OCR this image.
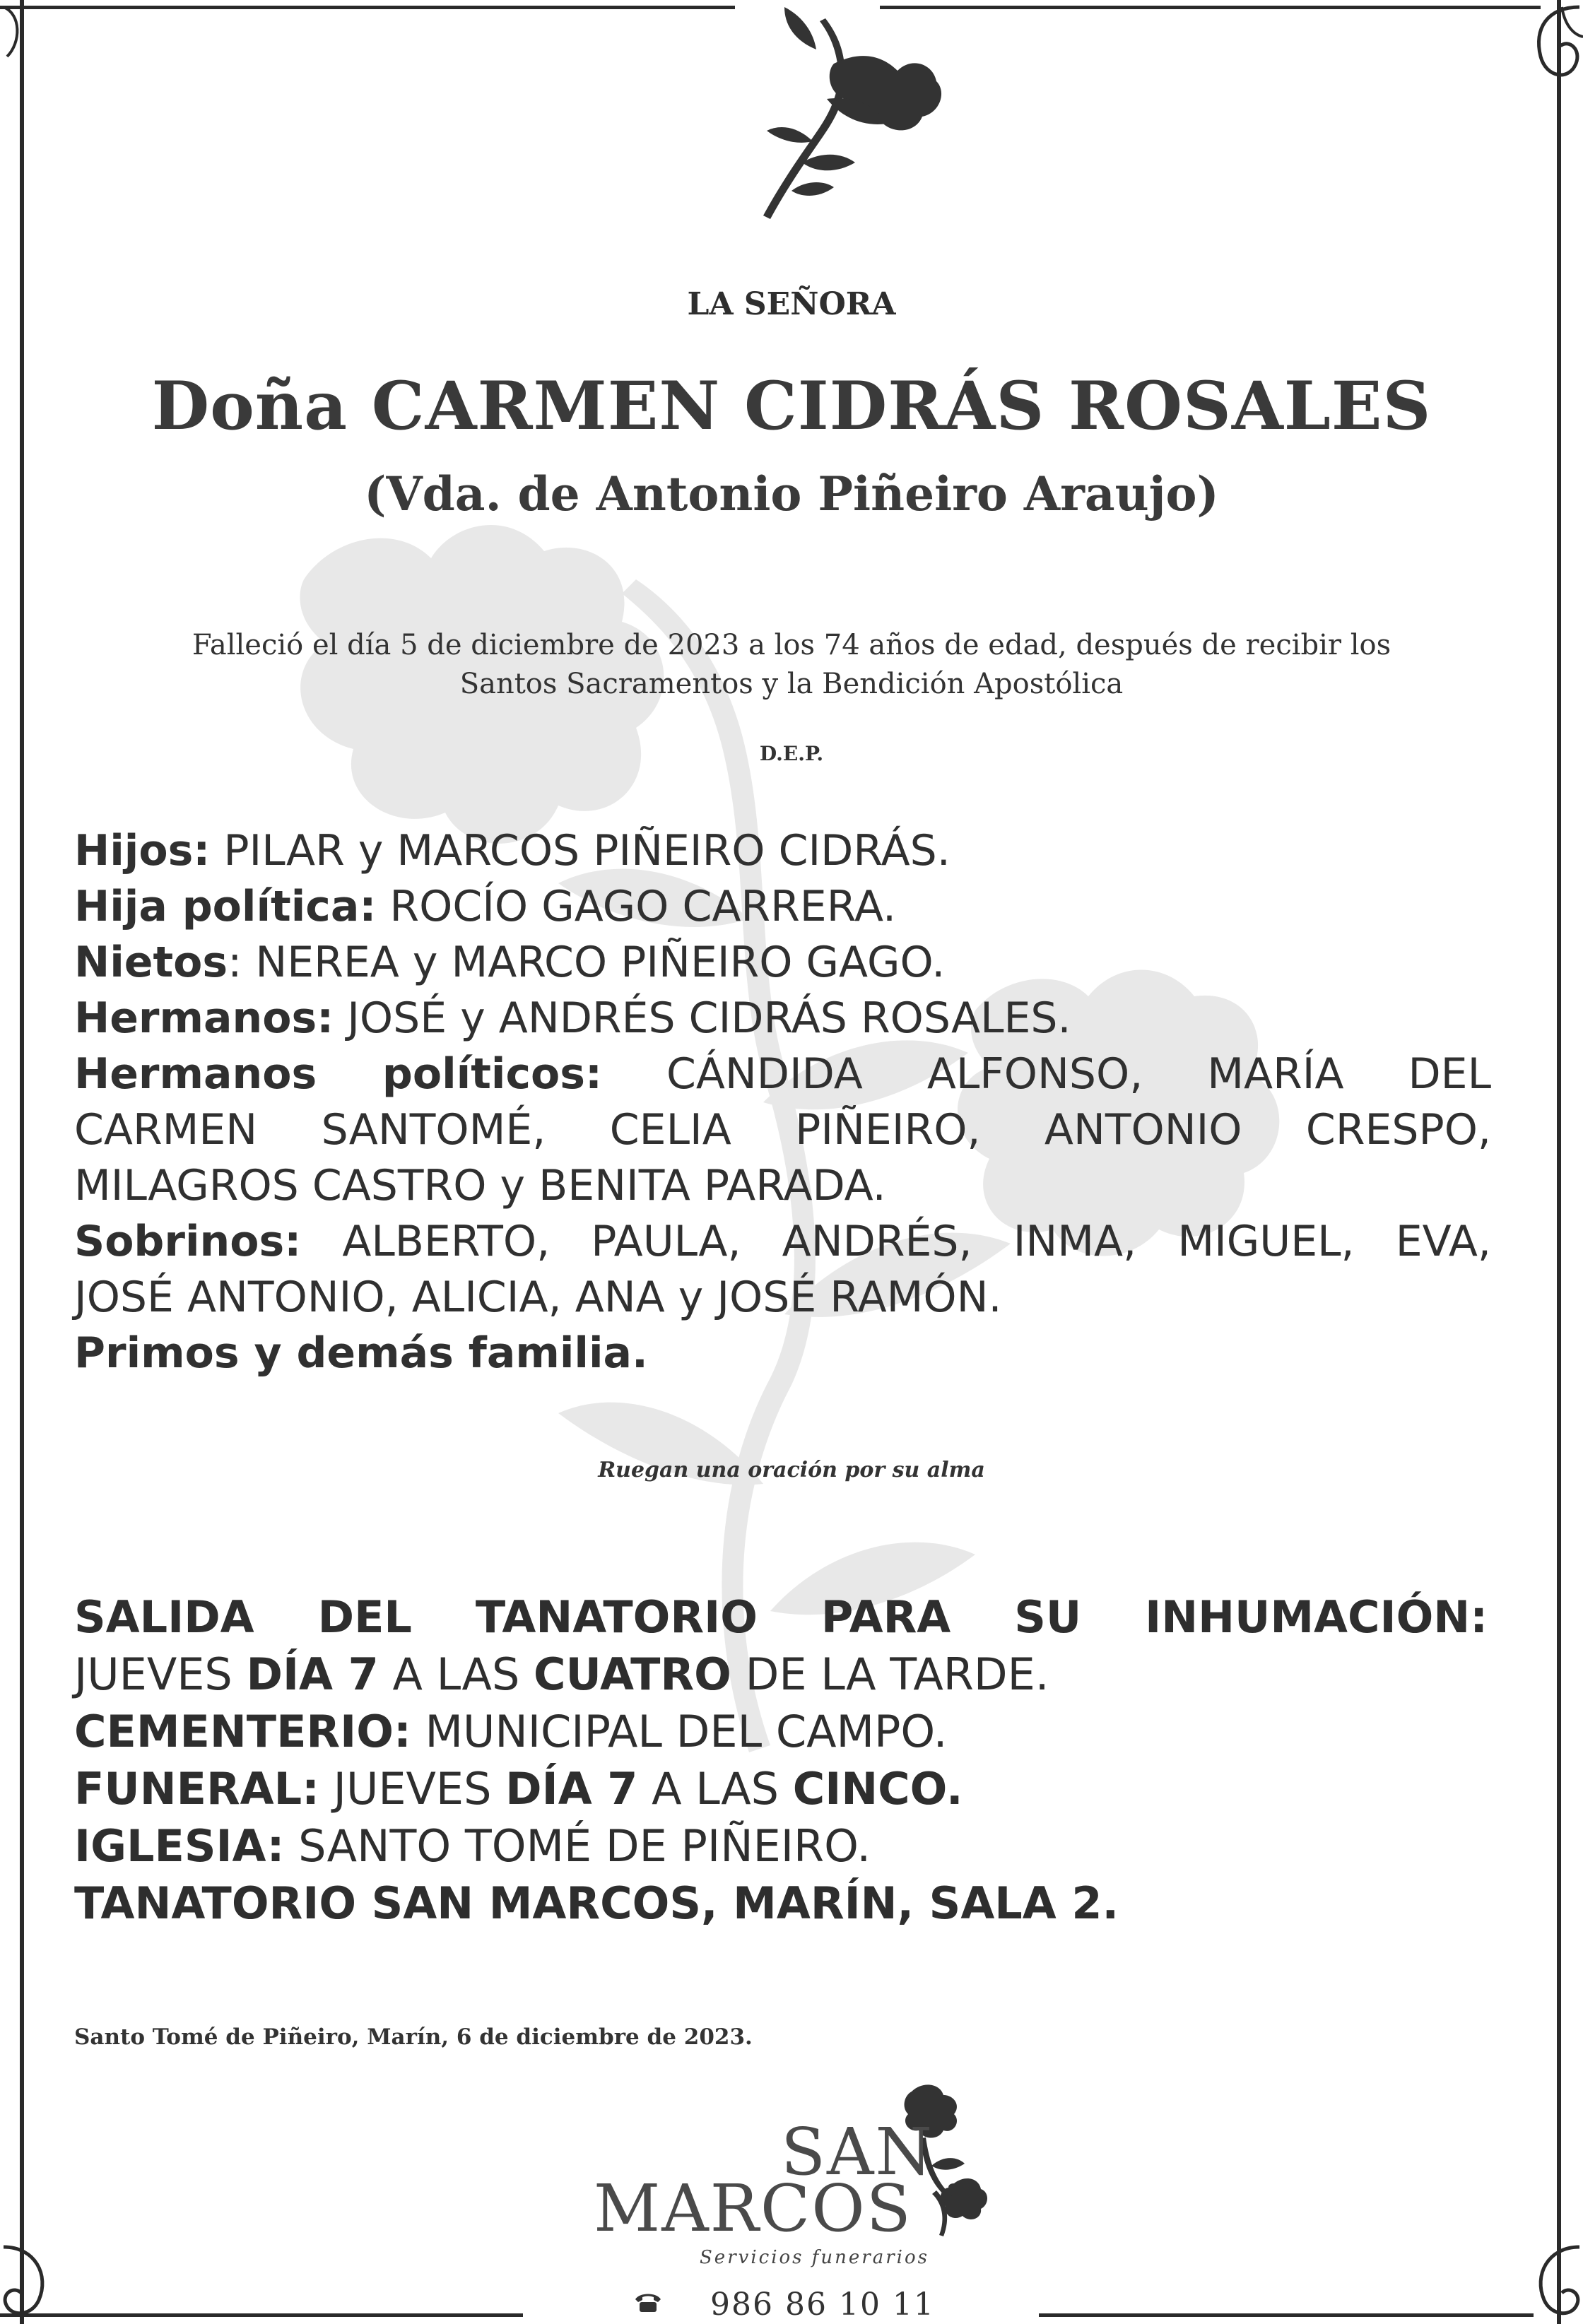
LA SEÑORA
Doña CARMEN CIDRÁS ROSALES
(Vda. de Antonio Piñeiro Araujo)
Falleció el día 5 de diciembre de 2023 a los 74 años de edad, después de recibir los
Santos Sacramentos y la Bendición Apostólica
D.E.P.
Hijos: PILAR y MARCOS PIÑEIRO CIDRÁS.
Hija política: ROCÍO GAGO CARRERA.
Nietos: NEREA y MARCO PIÑEIRO GAGO.
Hermanos: JOSÉ y ANDRÉS CIDRÁS ROSALES.
Hermanos políticos: CÁNDIDA ALFONSO, MARÍA DEL
CARMEN SANTOMÉ, CELIA PIÑEIRO, ANTONIO CRESPO,
MILAGROS CASTRO y BENITA PARADA.
Sobrinos: ALBERTO, PAULA, ANDRÉS, INMA, MIGUEL, EVA,
JOSÉ ANTONIO, ALICIA, ANA y JOSÉ RAMÓN.
Primos y demás familia.
Ruegan una oración por su alma
SALIDA DEL TANATORIO PARA SU INHUMACIÓN:
JUEVES DÍA 7 A LAS CUATRO DE LA TARDE.
CEMENTERIO: MUNICIPAL DEL CAMPO.
FUNERAL: JUEVES DÍA 7 A LAS CINCO.
IGLESIA: SANTO TOMÉ DE PIÑEIRO.
TANATORIO SAN MARCOS, MARÍN, SALA 2.
Santo Tomé de Piñeiro, Marín, 6 de diciembre de 2023.
SAN
MARCOS
Servicios funerarios
986 86 10 11
